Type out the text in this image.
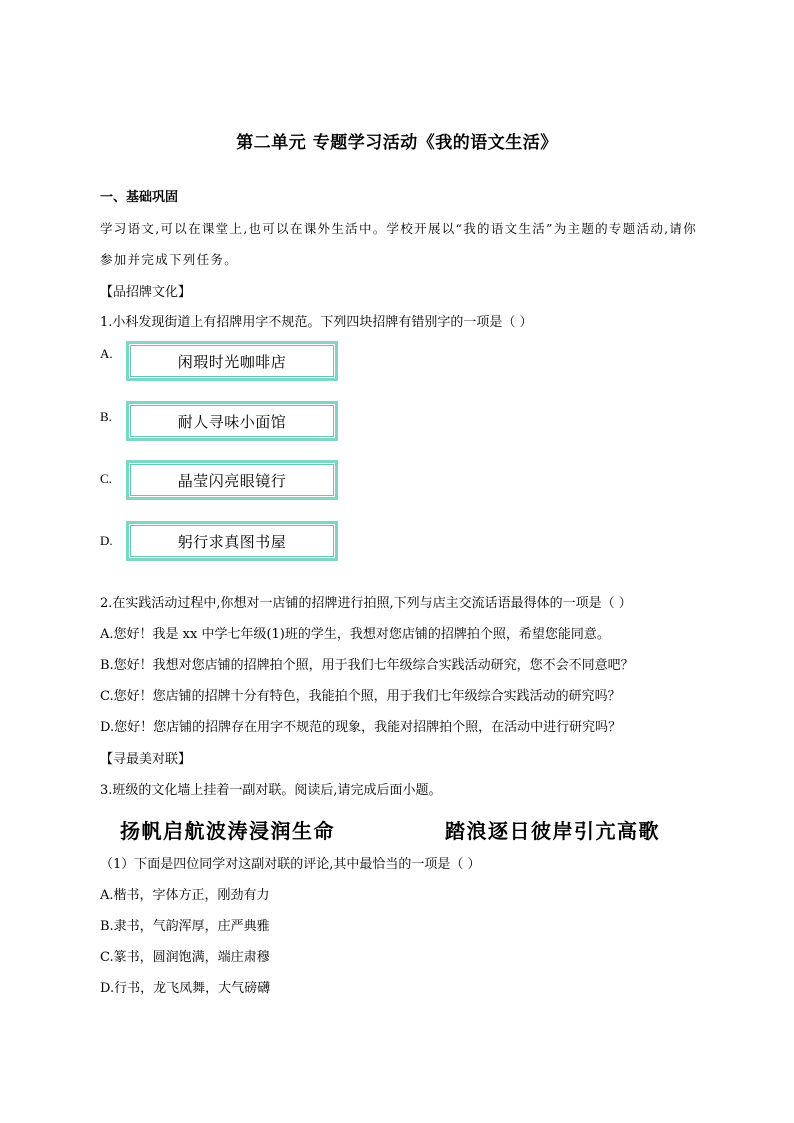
第二单元 专题学习活动《我的语文生活》
一、基础巩固
学习语文,可以在课堂上,也可以在课外生活中。学校开展以“我的语文生活”为主题的专题活动,请你
参加并完成下列任务。
【品招牌文化】
1.小科发现街道上有招牌用字不规范。下列四块招牌有错别字的一项是（ ）
A.	闲瑕时光咖啡店
B.	耐人寻味小面馆
C.	晶莹闪亮眼镜行
D.	躬行求真图书屋
2.在实践活动过程中,你想对一店铺的招牌进行拍照,下列与店主交流话语最得体的一项是（ ）
A.您好！我是 xx 中学七年级(1)班的学生，我想对您店铺的招牌拍个照，希望您能同意。
B.您好！我想对您店铺的招牌拍个照，用于我们七年级综合实践活动研究，您不会不同意吧？
C.您好！您店铺的招牌十分有特色，我能拍个照，用于我们七年级综合实践活动的研究吗？
D.您好！您店铺的招牌存在用字不规范的现象，我能对招牌拍个照，在活动中进行研究吗？
【寻最美对联】
3.班级的文化墙上挂着一副对联。阅读后,请完成后面小题。
扬帆启航波涛浸润生命	踏浪逐日彼岸引亢高歌
（1）下面是四位同学对这副对联的评论,其中最恰当的一项是（ ）
A.楷书，字体方正，刚劲有力
B.隶书，气韵浑厚，庄严典雅
C.篆书，圆润饱满，端庄肃穆
D.行书，龙飞凤舞，大气磅礴
